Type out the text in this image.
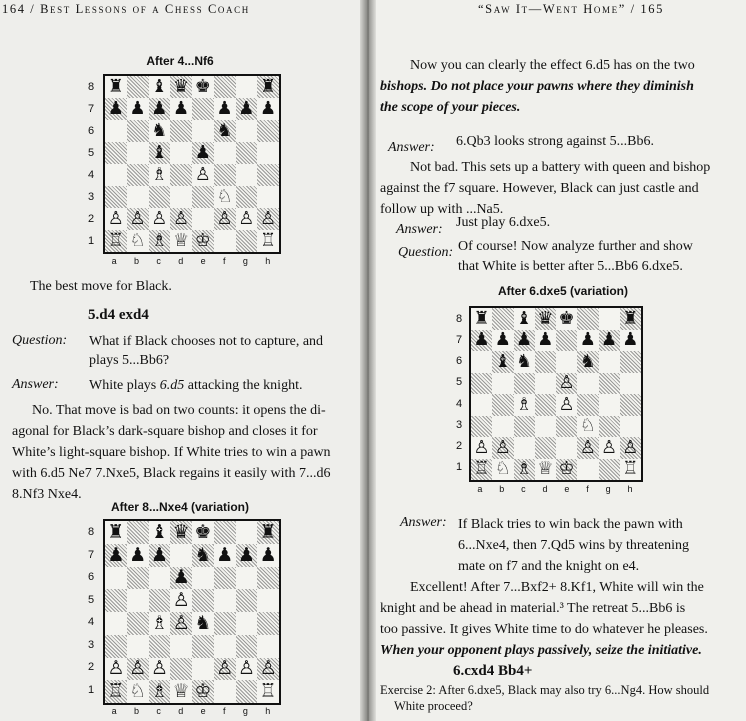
164 / Best Lessons of a Chess Coach
After 4...Nf6
8
7
6
5
4
3
2
1
♜ ♝ ♛ ♚	♜
♟ ♟ ♟ ♟ ♟ ♟ ♟
♞	♞
♝ ♟
♗ ♙
♘
♙ ♙ ♙ ♙ ♙ ♙ ♙
♖ ♘ ♗ ♕ ♔	♖
a b c d e f g h
The best move for Black.
5.d4 exd4
Question: What if Black chooses not to capture, and
plays 5...Bb6?
Answer: White plays 6.d5 attacking the knight.
No. That move is bad on two counts: it opens the di-
agonal for Black’s dark-square bishop and closes it for
White’s light-square bishop. If White tries to win a pawn
with 6.d5 Ne7 7.Nxe5, Black regains it easily with 7...d6
8.Nf3 Nxe4.
After 8...Nxe4 (variation)
8
7
6
5
4
3
2
1
♜ ♝ ♛ ♚	♜
♟ ♟ ♟ ♞ ♟ ♟ ♟
♟
♙
♗ ♙ ♞
♙ ♙ ♙	♙ ♙ ♙
♖ ♘ ♗ ♕ ♔	♖
a b c d e f g h
“Saw It—Went Home” / 165
Now you can clearly the effect 6.d5 has on the two
bishops. Do not place your pawns where they diminish
the scope of your pieces.
Answer: 6.Qb3 looks strong against 5...Bb6.
Not bad. This sets up a battery with queen and bishop
against the f7 square. However, Black can just castle and
follow up with ...Na5.
Answer: Just play 6.dxe5.
Question: Of course! Now analyze further and show
that White is better after 5...Bb6 6.dxe5.
After 6.dxe5 (variation)
8
7
6
5
4
3
2
1
♜ ♝ ♛ ♚	♜
♟ ♟ ♟ ♟ ♟ ♟ ♟
♝ ♞	♞
♙
♗ ♙
♘
♙ ♙	♙ ♙ ♙
♖ ♘ ♗ ♕ ♔	♖
a b c d e f g h
Answer: If Black tries to win back the pawn with
6...Nxe4, then 7.Qd5 wins by threatening
mate on f7 and the knight on e4.
Excellent! After 7...Bxf2+ 8.Kf1, White will win the
knight and be ahead in material.³ The retreat 5...Bb6 is
too passive. It gives White time to do whatever he pleases.
When your opponent plays passively, seize the initiative.
6.cxd4 Bb4+
Exercise 2: After 6.dxe5, Black may also try 6...Ng4. How should
White proceed?
